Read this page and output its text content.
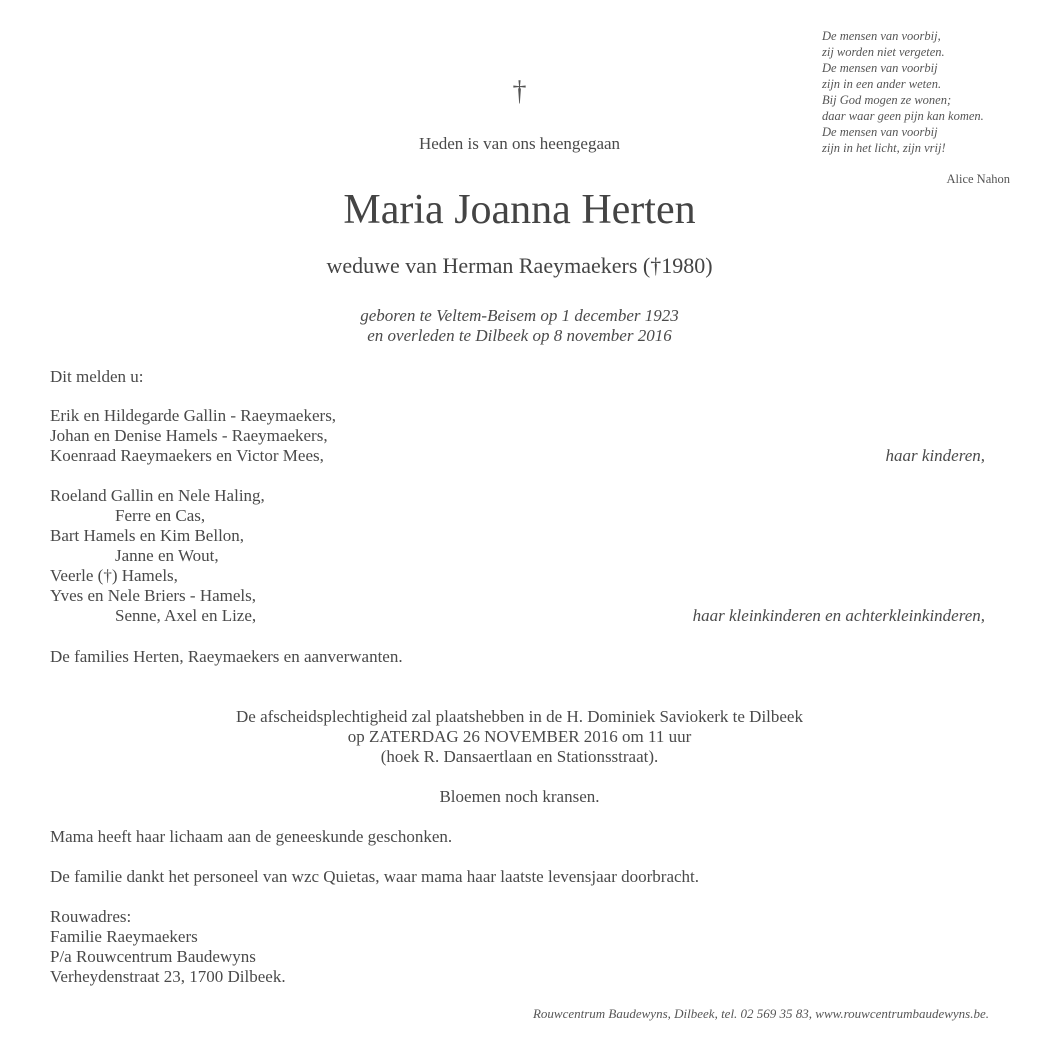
De mensen van voorbij,
zij worden niet vergeten.
De mensen van voorbij
zijn in een ander weten.
Bij God mogen ze wonen;
daar waar geen pijn kan komen.
De mensen van voorbij
zijn in het licht, zijn vrij!
Alice Nahon
†
Heden is van ons heengegaan
Maria Joanna Herten
weduwe van Herman Raeymaekers (†1980)
geboren te Veltem-Beisem op 1 december 1923
en overleden te Dilbeek op 8 november 2016
Dit melden u:
Erik en Hildegarde Gallin - Raeymaekers,
Johan en Denise Hamels - Raeymaekers,
Koenraad Raeymaekers en Victor Mees,	haar kinderen,
Roeland Gallin en Nele Haling,
Ferre en Cas,
Bart Hamels en Kim Bellon,
Janne en Wout,
Veerle (†) Hamels,
Yves en Nele Briers - Hamels,
Senne, Axel en Lize,	haar kleinkinderen en achterkleinkinderen,
De families Herten, Raeymaekers en aanverwanten.
De afscheidsplechtigheid zal plaatshebben in de H. Dominiek Saviokerk te Dilbeek
op ZATERDAG 26 NOVEMBER 2016 om 11 uur
(hoek R. Dansaertlaan en Stationsstraat).
Bloemen noch kransen.
Mama heeft haar lichaam aan de geneeskunde geschonken.
De familie dankt het personeel van wzc Quietas, waar mama haar laatste levensjaar doorbracht.
Rouwadres:
Familie Raeymaekers
P/a Rouwcentrum Baudewyns
Verheydenstraat 23, 1700 Dilbeek.
Rouwcentrum Baudewyns, Dilbeek, tel. 02 569 35 83, www.rouwcentrumbaudewyns.be.
